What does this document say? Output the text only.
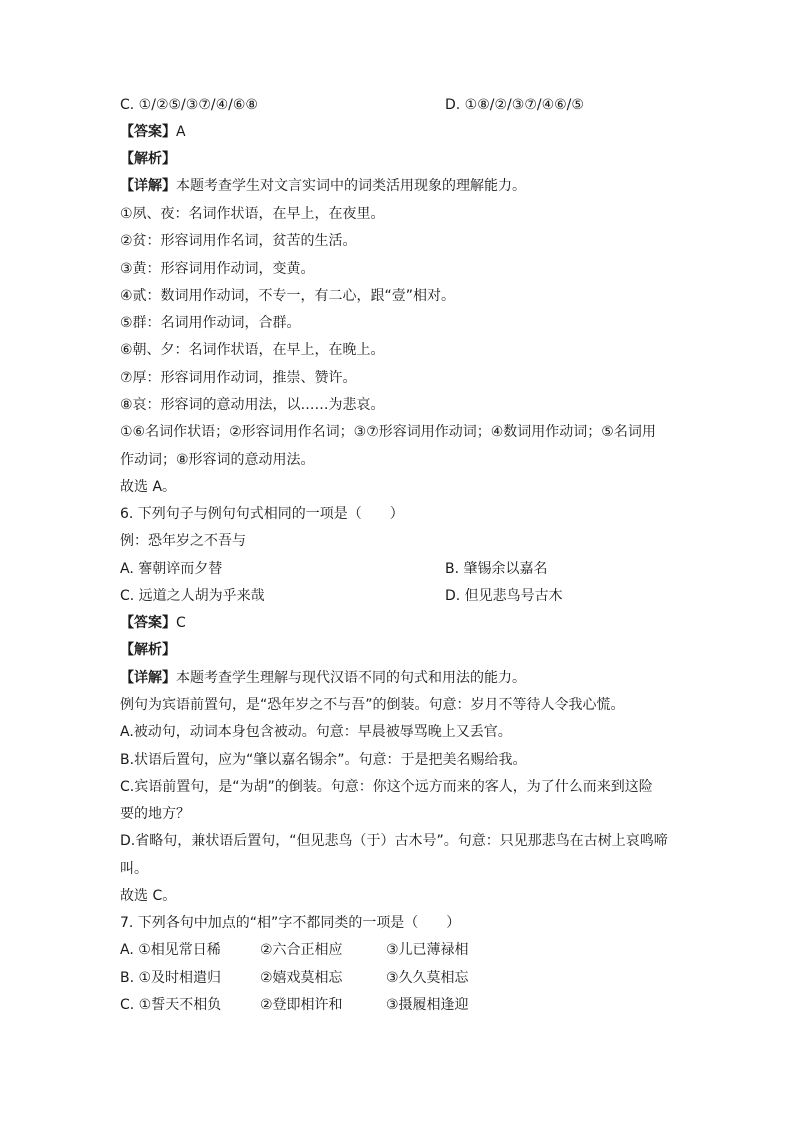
C. ①/②⑤/③⑦/④/⑥⑧	D. ①⑧/②/③⑦/④⑥/⑤
【答案】A
【解析】
【详解】本题考查学生对文言实词中的词类活用现象的理解能力。
①夙、夜：名词作状语，在早上，在夜里。
②贫：形容词用作名词，贫苦的生活。
③黄：形容词用作动词，变黄。
④贰：数词用作动词，不专一，有二心，跟“壹”相对。
⑤群：名词用作动词，合群。
⑥朝、夕：名词作状语，在早上，在晚上。
⑦厚：形容词用作动词，推崇、赞许。
⑧哀：形容词的意动用法，以……为悲哀。
①⑥名词作状语；②形容词用作名词；③⑦形容词用作动词；④数词用作动词；⑤名词用
作动词；⑧形容词的意动用法。
故选 A。
6. 下列句子与例句句式相同的一项是（　　）
例：恐年岁之不吾与
A. 謇朝谇而夕替	B. 肇锡余以嘉名
C. 远道之人胡为乎来哉	D. 但见悲鸟号古木
【答案】C
【解析】
【详解】本题考查学生理解与现代汉语不同的句式和用法的能力。
例句为宾语前置句，是“恐年岁之不与吾”的倒装。句意：岁月不等待人令我心慌。
A.被动句，动词本身包含被动。句意：早晨被辱骂晚上又丢官。
B.状语后置句，应为“肇以嘉名锡余”。句意：于是把美名赐给我。
C.宾语前置句，是“为胡”的倒装。句意：你这个远方而来的客人，为了什么而来到这险
要的地方？
D.省略句，兼状语后置句，“但见悲鸟（于）古木号”。句意：只见那悲鸟在古树上哀鸣啼
叫。
故选 C。
7. 下列各句中加点的“相”字不都同类的一项是（　　）
A. ①相见常日稀	②六合正相应	③儿已薄禄相
B. ①及时相遣归	②嬉戏莫相忘	③久久莫相忘
C. ①誓天不相负	②登即相许和	③摄履相逢迎
